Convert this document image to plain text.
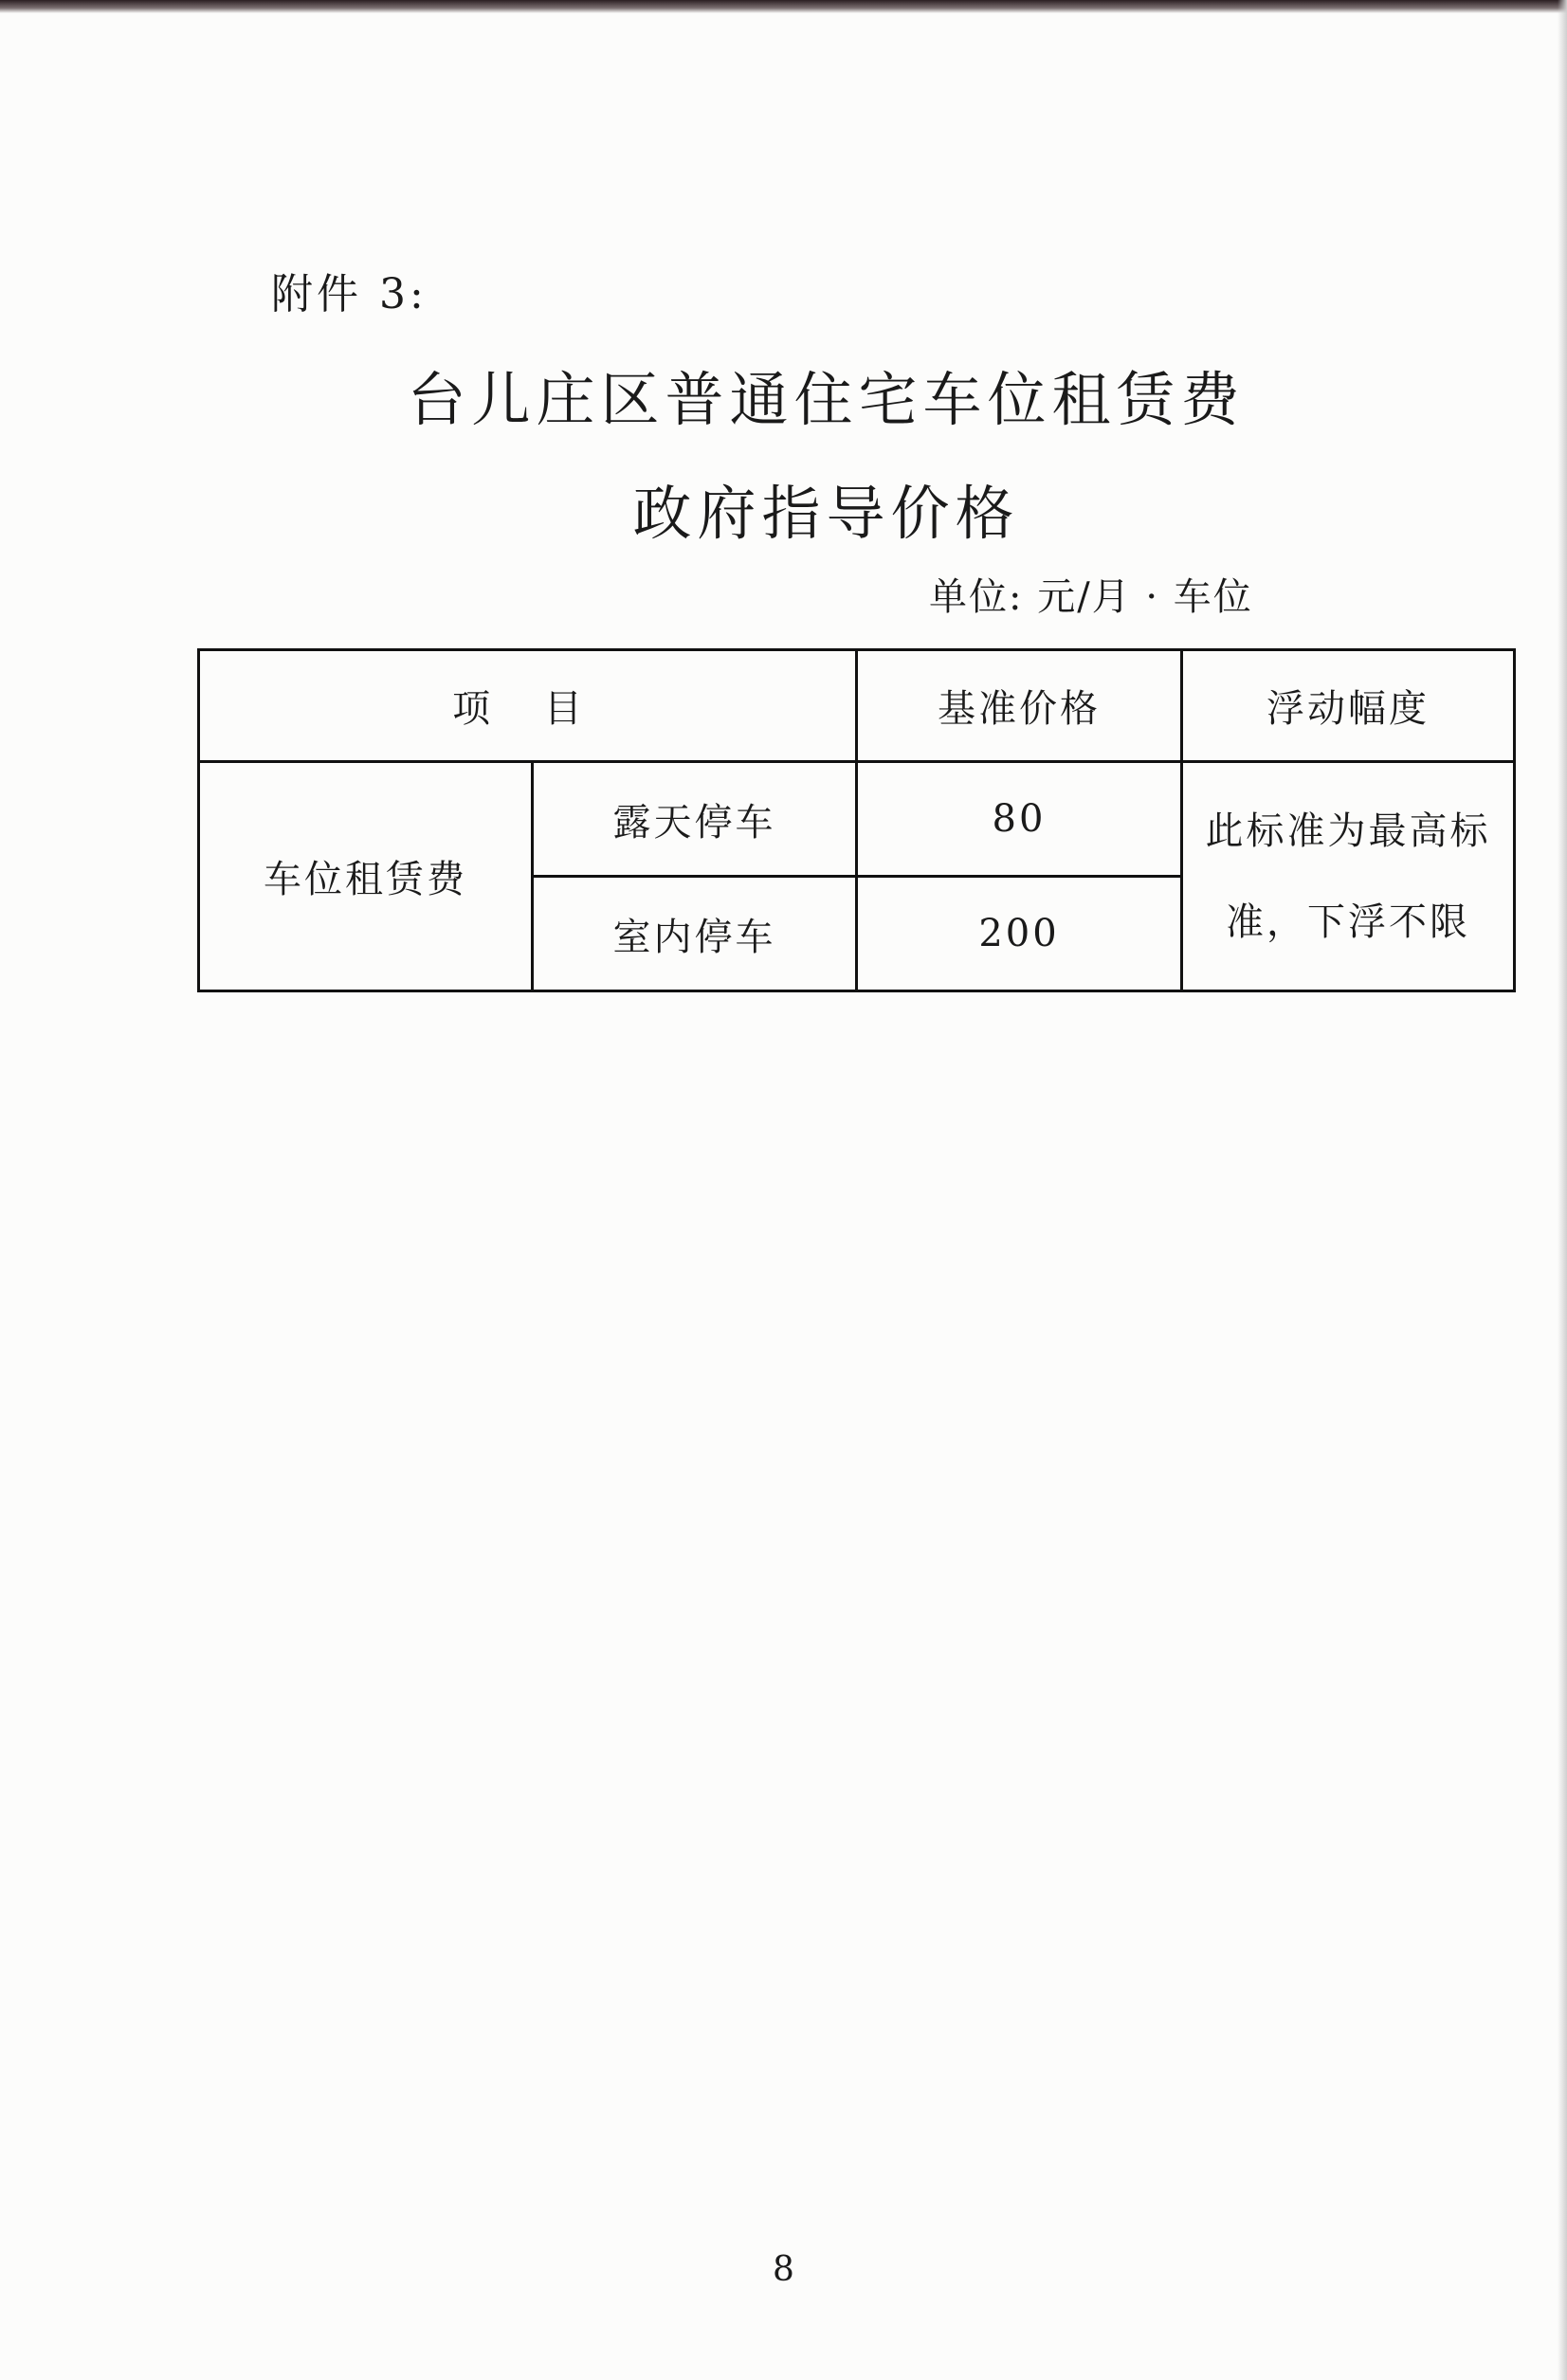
附件 3:
台儿庄区普通住宅车位租赁费
政府指导价格
单位: 元/月 · 车位
项 目		基准价格	浮动幅度
车位租赁费	露天停车	80	此标准为最高标
准，下浮不限

	室内停车	200	
8
